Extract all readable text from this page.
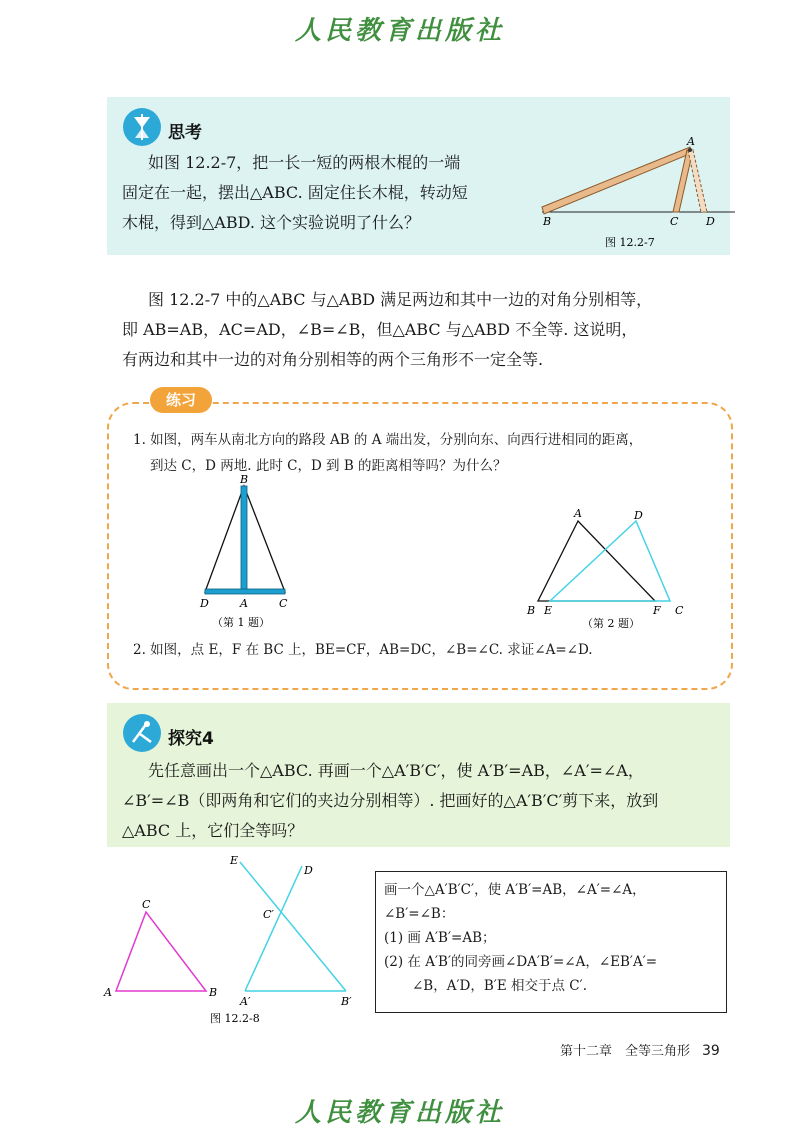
人民教育出版社
思考
如图 12.2-7，把一长一短的两根木棍的一端
固定在一起，摆出△ABC. 固定住长木棍，转动短
木棍，得到△ABD. 这个实验说明了什么？
A
B	C	D
图 12.2-7
图 12.2-7 中的△ABC 与△ABD 满足两边和其中一边的对角分别相等，
即 AB=AB，AC=AD，∠B=∠B，但△ABC 与△ABD 不全等. 这说明，
有两边和其中一边的对角分别相等的两个三角形不一定全等.
练习
1. 如图，两车从南北方向的路段 AB 的 A 端出发，分别向东、向西行进相同的距离，
到达 C，D 两地. 此时 C，D 到 B 的距离相等吗？为什么？
B
D	A	C
（第 1 题）
A	D
B E	F C
（第 2 题）
2. 如图，点 E，F 在 BC 上，BE=CF，AB=DC，∠B=∠C. 求证∠A=∠D.
探究4
先任意画出一个△ABC. 再画一个△A′B′C′，使 A′B′=AB，∠A′=∠A，
∠B′=∠B（即两角和它们的夹边分别相等）. 把画好的△A′B′C′剪下来，放到
△ABC 上，它们全等吗？
C
A	B
E
D
C′
A′	B′
图 12.2-8
画一个△A′B′C′，使 A′B′=AB，∠A′=∠A，
∠B′=∠B：
(1) 画 A′B′=AB；
(2) 在 A′B′的同旁画∠DA′B′=∠A，∠EB′A′=
∠B，A′D，B′E 相交于点 C′.
第十二章　全等三角形 39
人民教育出版社
